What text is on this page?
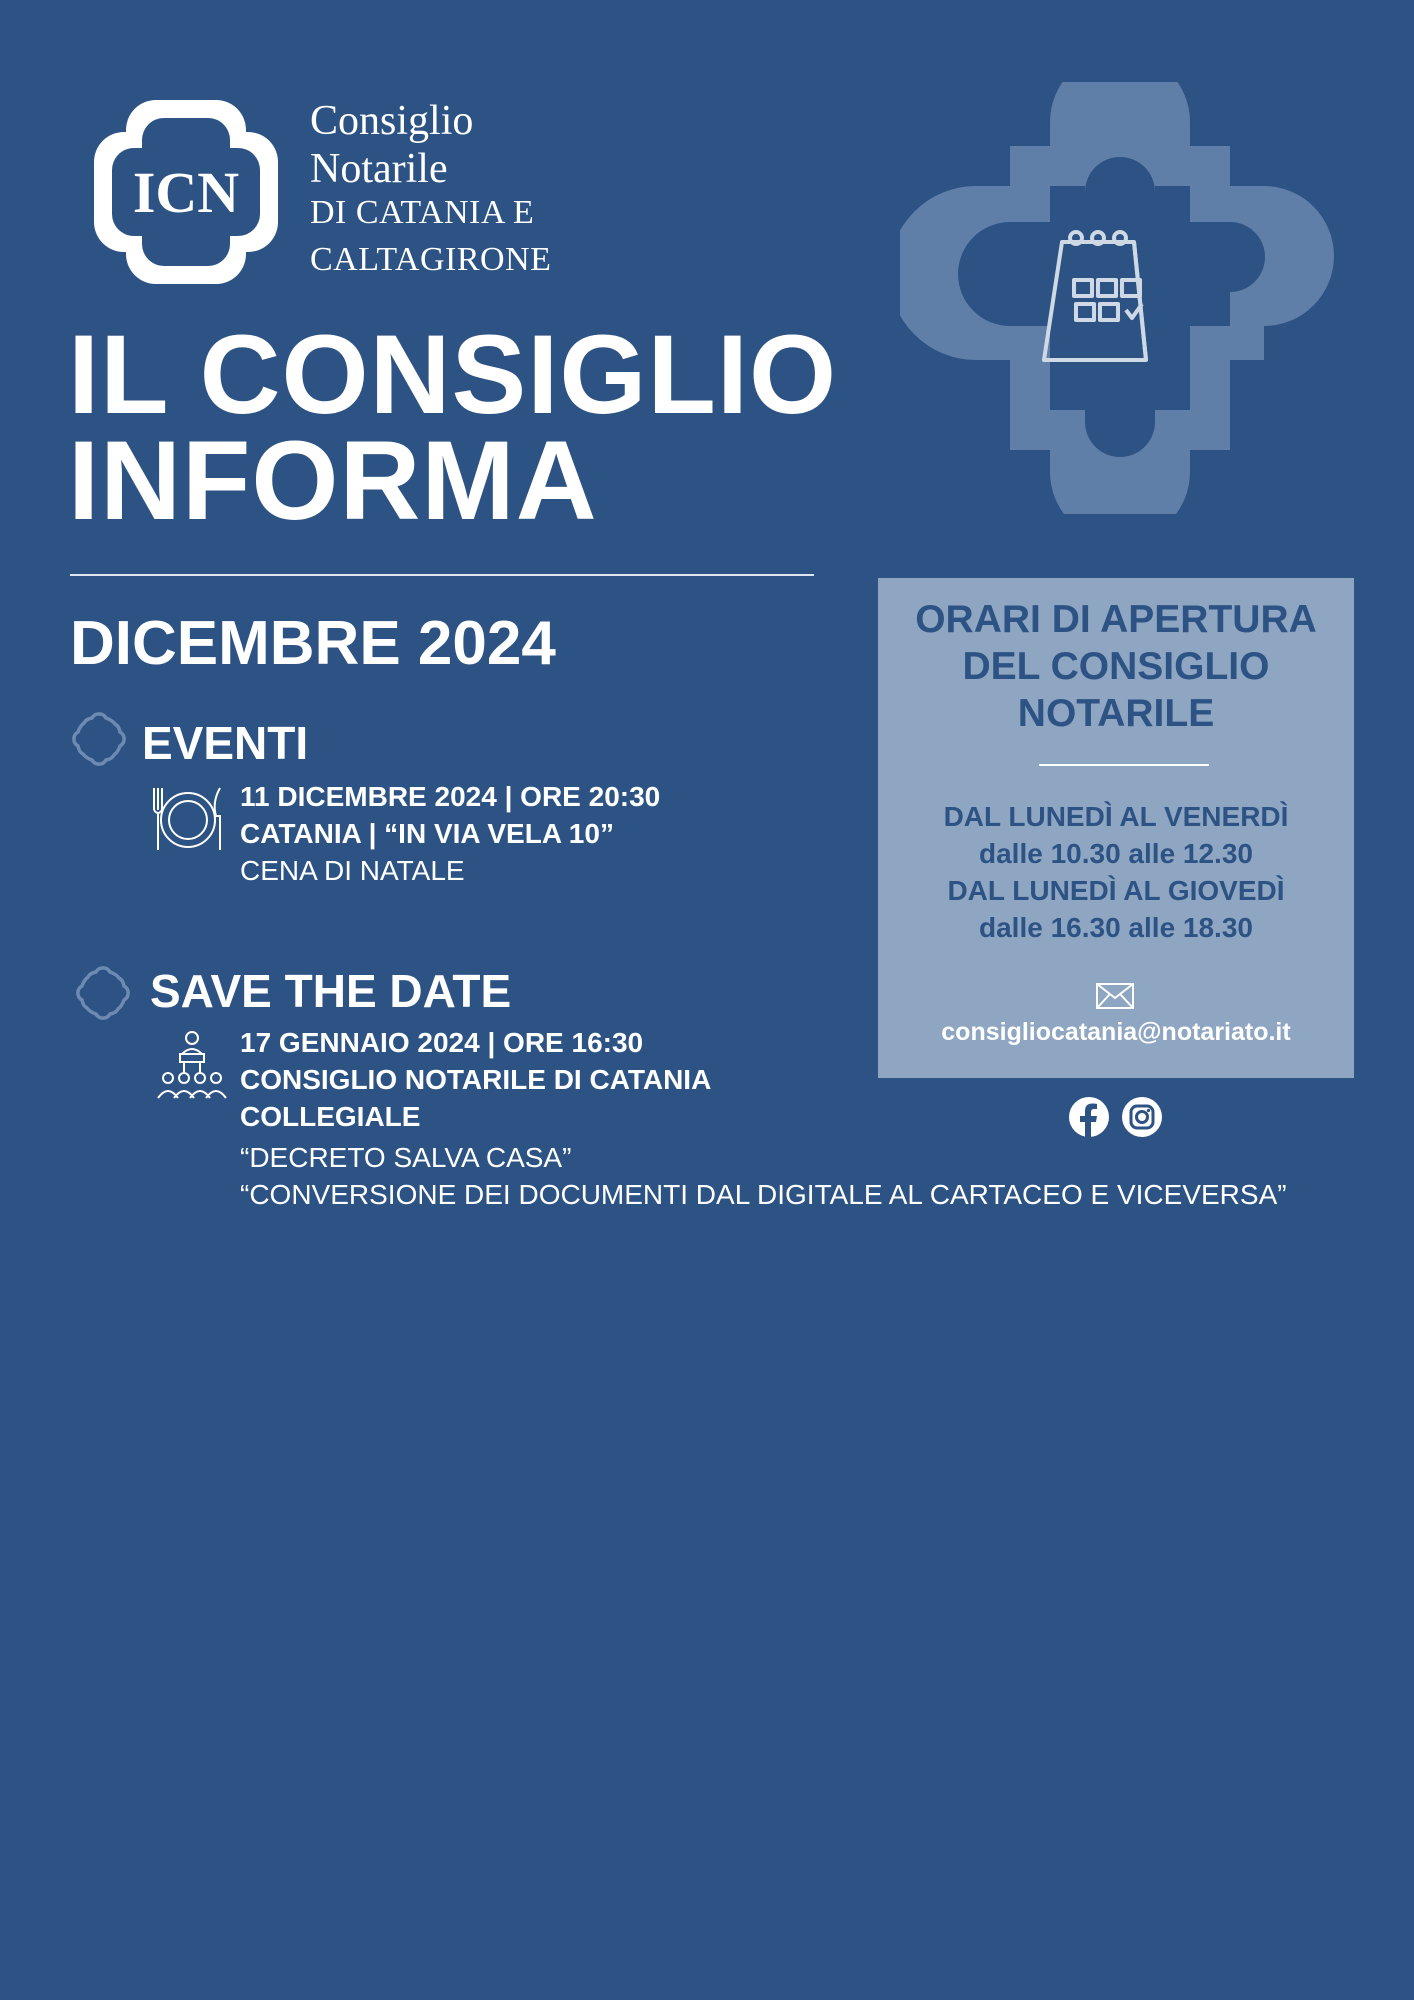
ICN
Consiglio
Notarile
DI CATANIA E
CALTAGIRONE
IL CONSIGLIO
INFORMA
DICEMBRE 2024
EVENTI
11 DICEMBRE 2024 | ORE 20:30
CATANIA | “IN VIA VELA 10”
CENA DI NATALE
SAVE THE DATE
17 GENNAIO 2024 | ORE 16:30
CONSIGLIO NOTARILE DI CATANIA
COLLEGIALE
“DECRETO SALVA CASA”
“CONVERSIONE DEI DOCUMENTI DAL DIGITALE AL CARTACEO E VICEVERSA”
ORARI DI APERTURA
DEL CONSIGLIO
NOTARILE
DAL LUNEDÌ AL VENERDÌ
dalle 10.30 alle 12.30
DAL LUNEDÌ AL GIOVEDÌ
dalle 16.30 alle 18.30
consigliocatania@notariato.it
